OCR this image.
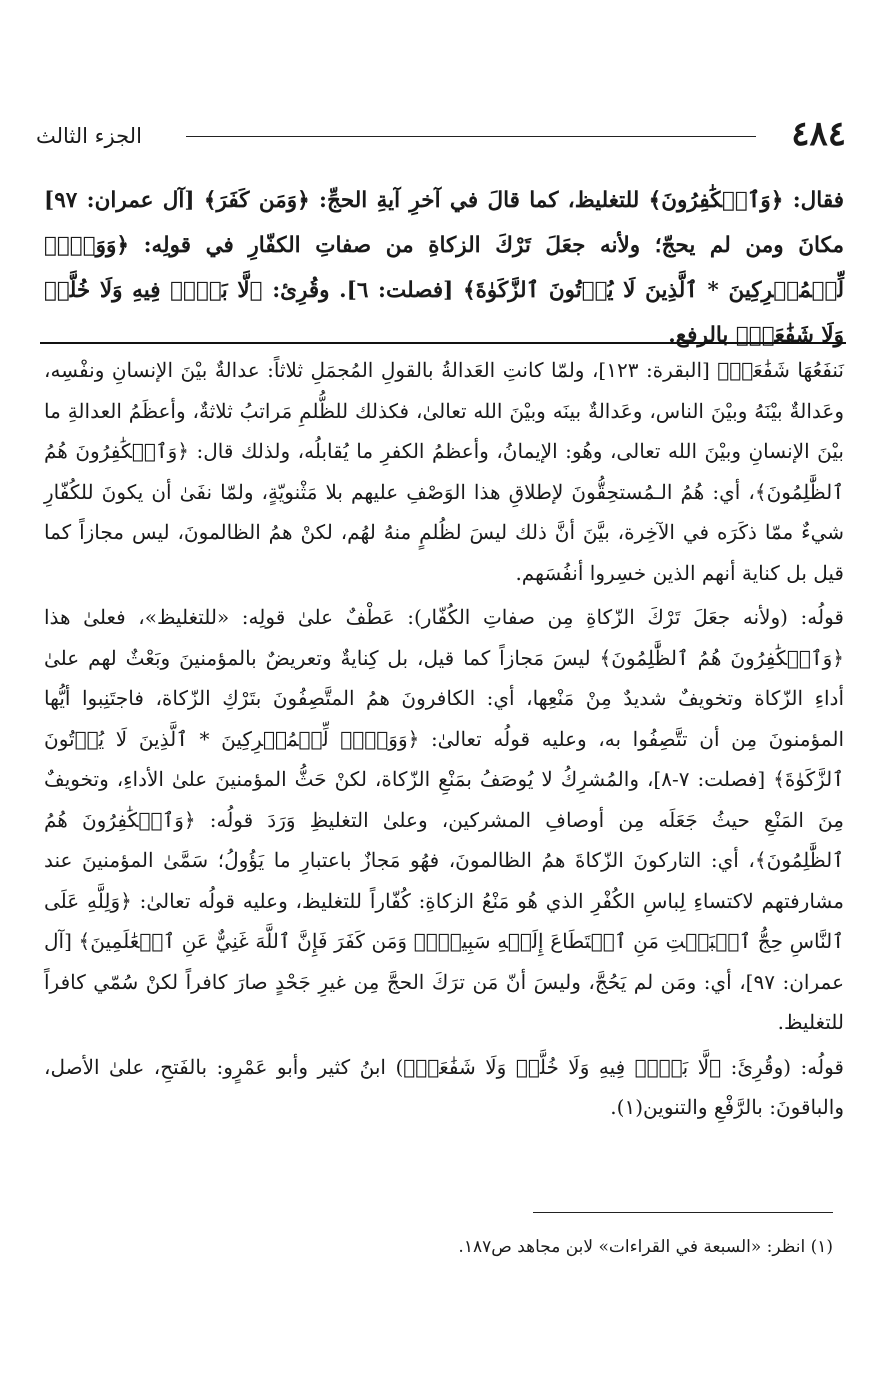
٤٨٤
الجزء الثالث

فقال: ﴿وَٱلۡكَٰفِرُونَ﴾ للتغليظ، كما قالَ في آخرِ آيةِ الحجِّ: ﴿وَمَن كَفَرَ﴾ [آل عمران: ٩٧] مكانَ ومن لم يحجّ؛ ولأنه جعَلَ تَرْكَ الزكاةِ من صفاتِ الكفّارِ في قولِه: ﴿وَوَيۡلٞ لِّلۡمُشۡرِكِينَ * ٱلَّذِينَ لَا يُؤۡتُونَ ٱلزَّكَوٰةَ﴾ [فصلت: ٦]. وقُرِئ: ﴿لَّا بَيۡعٞ فِيهِ وَلَا خُلَّةٞ وَلَا شَفَٰعَةٞ﴾ بالرفع.

نَنفَعُهَا شَفَٰعَةٞ﴾ [البقرة: ١٢٣]، ولمّا كانتِ العَدالةُ بالقولِ المُجمَلِ ثلاثاً: عدالةٌ بيْنَ الإنسانِ ونفْسِه، وعَدالةٌ بيْنَهُ وبيْنَ الناس، وعَدالةٌ بينَه وبيْنَ الله تعالىٰ، فكذلك للظُّلمِ مَراتبُ ثلاثةٌ، وأعظَمُ العدالةِ ما بيْنَ الإنسانِ وبيْنَ الله تعالى، وهُو: الإيمانُ، وأعظمُ الكفرِ ما يُقابلُه، ولذلك قال: ﴿وَٱلۡكَٰفِرُونَ هُمُ ٱلظَّٰلِمُونَ﴾، أي: هُمُ الـمُستحِقُّونَ لإطلاقِ هذا الوَصْفِ عليهم بلا مَثْنويّةٍ، ولمّا نفَىٰ أن يكونَ للكُفّارِ شيءٌ ممّا ذكَرَه في الآخِرة، بيَّنَ أنَّ ذلك ليسَ لظُلمٍ منهُ لهُم، لكنْ همُ الظالمونَ، ليس مجازاً كما قيل بل كناية أنهم الذين خسِروا أنفُسَهم.

قولُه: (ولأنه جعَلَ تَرْكَ الزّكاةِ مِن صفاتِ الكُفّار): عَطْفٌ علىٰ قولِه: «للتغليظ»، فعلىٰ هذا ﴿وَٱلۡكَٰفِرُونَ هُمُ ٱلظَّٰلِمُونَ﴾ ليسَ مَجازاً كما قيل، بل كِنايةٌ وتعريضٌ بالمؤمنينَ وبَعْثٌ لهم علىٰ أداءِ الزّكاة وتخويفٌ شديدٌ مِنْ مَنْعِها، أي: الكافرونَ همُ المتَّصِفُونَ بتَرْكِ الزّكاة، فاجتَنِبوا أيُّها المؤمنونَ مِن أن تتَّصِفُوا به، وعليه قولُه تعالىٰ: ﴿وَوَيۡلٞ لِّلۡمُشۡرِكِينَ * ٱلَّذِينَ لَا يُؤۡتُونَ ٱلزَّكَوٰةَ﴾ [فصلت: ٧-٨]، والمُشرِكُ لا يُوصَفُ بمَنْعِ الزّكاة، لكنْ حَثُّ المؤمنينَ علىٰ الأداءِ، وتخويفٌ مِنَ المَنْعِ حيثُ جَعَلَه مِن أوصافِ المشركين، وعلىٰ التغليظِ وَرَدَ قولُه: ﴿وَٱلۡكَٰفِرُونَ هُمُ ٱلظَّٰلِمُونَ﴾، أي: التاركونَ الزّكاةَ همُ الظالمونَ، فهُو مَجازٌ باعتبارِ ما يَؤُولُ؛ سَمَّىٰ المؤمنينَ عند مشارفتهم لاكتساءِ لِباسِ الكُفْرِ الذي هُو مَنْعُ الزكاةِ: كُفّاراً للتغليظ، وعليه قولُه تعالىٰ: ﴿وَلِلَّهِ عَلَى ٱلنَّاسِ حِجُّ ٱلۡبَيۡتِ مَنِ ٱسۡتَطَاعَ إِلَيۡهِ سَبِيلٗاۚ وَمَن كَفَرَ فَإِنَّ ٱللَّهَ غَنِيٌّ عَنِ ٱلۡعَٰلَمِينَ﴾ [آل عمران: ٩٧]، أي: ومَن لم يَحُجَّ، وليسَ أنّ مَن ترَكَ الحجَّ مِن غيرِ جَحْدٍ صارَ كافراً لكنْ سُمّي كافراً للتغليظ.

قولُه: (وقُرِئَ: ﴿لَّا بَيۡعٞ فِيهِ وَلَا خُلَّةٞ وَلَا شَفَٰعَةٞ﴾) ابنُ كثير وأبو عَمْرٍو: بالفَتحِ، علىٰ الأصل، والباقونَ: بالرَّفْعِ والتنوين(١).

(١) انظر: «السبعة في القراءات» لابن مجاهد ص١٨٧.
